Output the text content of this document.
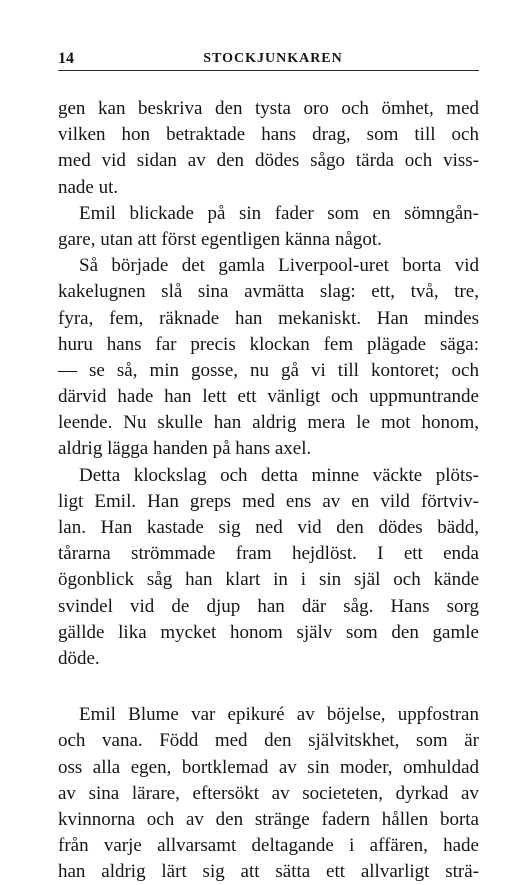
14	STOCKJUNKAREN
gen kan beskriva den tysta oro och ömhet, med
vilken hon betraktade hans drag, som till och
med vid sidan av den dödes sågo tärda och viss-
nade ut.
Emil blickade på sin fader som en sömngån-
gare, utan att först egentligen känna något.
Så började det gamla Liverpool-uret borta vid
kakelugnen slå sina avmätta slag: ett, två, tre,
fyra, fem, räknade han mekaniskt. Han mindes
huru hans far precis klockan fem plägade säga:
— se så, min gosse, nu gå vi till kontoret; och
därvid hade han lett ett vänligt och uppmuntrande
leende. Nu skulle han aldrig mera le mot honom,
aldrig lägga handen på hans axel.
Detta klockslag och detta minne väckte plöts-
ligt Emil. Han greps med ens av en vild förtviv-
lan. Han kastade sig ned vid den dödes bädd,
tårarna strömmade fram hejdlöst. I ett enda
ögonblick såg han klart in i sin själ och kände
svindel vid de djup han där såg. Hans sorg
gällde lika mycket honom själv som den gamle
döde.
Emil Blume var epikuré av böjelse, uppfostran
och vana. Född med den självitskhet, som är
oss alla egen, bortklemad av sin moder, omhuldad
av sina lärare, eftersökt av societeten, dyrkad av
kvinnorna och av den stränge fadern hållen borta
från varje allvarsamt deltagande i affären, hade
han aldrig lärt sig att sätta ett allvarligt strä-
